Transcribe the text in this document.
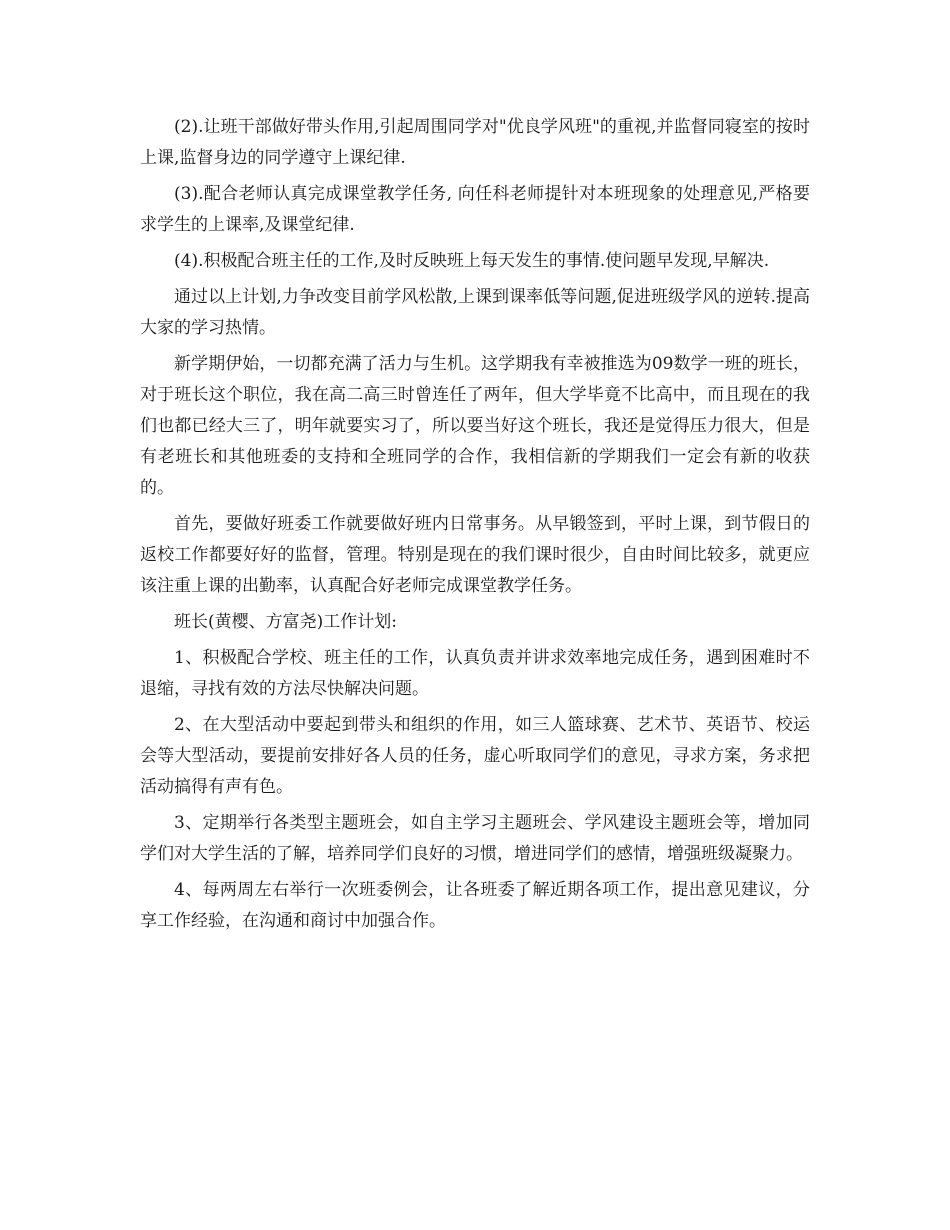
(2).让班干部做好带头作用,引起周围同学对"优良学风班"的重视,并监督同寝室的按时上课,监督身边的同学遵守上课纪律.

(3).配合老师认真完成课堂教学任务, 向任科老师提针对本班现象的处理意见,严格要求学生的上课率,及课堂纪律.

(4).积极配合班主任的工作,及时反映班上每天发生的事情.使问题早发现,早解决.

通过以上计划,力争改变目前学风松散,上课到课率低等问题,促进班级学风的逆转.提高大家的学习热情。

新学期伊始，一切都充满了活力与生机。这学期我有幸被推选为09数学一班的班长，对于班长这个职位，我在高二高三时曾连任了两年，但大学毕竟不比高中，而且现在的我们也都已经大三了，明年就要实习了，所以要当好这个班长，我还是觉得压力很大，但是有老班长和其他班委的支持和全班同学的合作，我相信新的学期我们一定会有新的收获的。

首先，要做好班委工作就要做好班内日常事务。从早锻签到，平时上课，到节假日的返校工作都要好好的监督，管理。特别是现在的我们课时很少，自由时间比较多，就更应该注重上课的出勤率，认真配合好老师完成课堂教学任务。

班长(黄樱、方富尧)工作计划:

1、积极配合学校、班主任的工作，认真负责并讲求效率地完成任务，遇到困难时不退缩，寻找有效的方法尽快解决问题。

2、在大型活动中要起到带头和组织的作用，如三人篮球赛、艺术节、英语节、校运会等大型活动，要提前安排好各人员的任务，虚心听取同学们的意见，寻求方案，务求把活动搞得有声有色。

3、定期举行各类型主题班会，如自主学习主题班会、学风建设主题班会等，增加同学们对大学生活的了解，培养同学们良好的习惯，增进同学们的感情，增强班级凝聚力。

4、每两周左右举行一次班委例会，让各班委了解近期各项工作，提出意见建议，分享工作经验，在沟通和商讨中加强合作。
